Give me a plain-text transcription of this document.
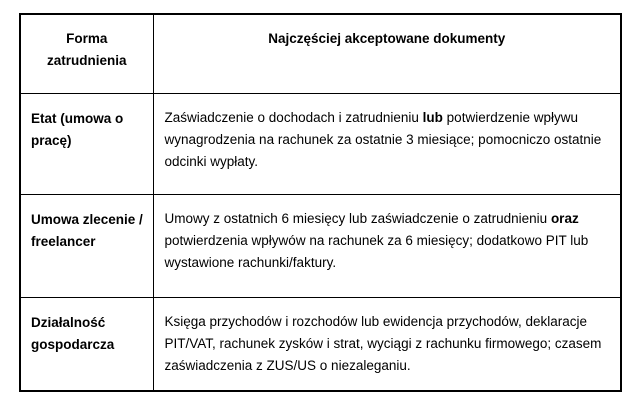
Forma zatrudnienia	Najczęściej akceptowane dokumenty
Etat (umowa o pracę)	Zaświadczenie o dochodach i zatrudnieniu lub potwierdzenie wpływu wynagrodzenia na rachunek za ostatnie 3 miesiące; pomocniczo ostatnie odcinki wypłaty.
Umowa zlecenie / freelancer	Umowy z ostatnich 6 miesięcy lub zaświadczenie o zatrudnieniu oraz potwierdzenia wpływów na rachunek za 6 miesięcy; dodatkowo PIT lub wystawione rachunki/faktury.
Działalność gospodarcza	Księga przychodów i rozchodów lub ewidencja przychodów, deklaracje PIT/VAT, rachunek zysków i strat, wyciągi z rachunku firmowego; czasem zaświadczenia z ZUS/US o niezaleganiu.
